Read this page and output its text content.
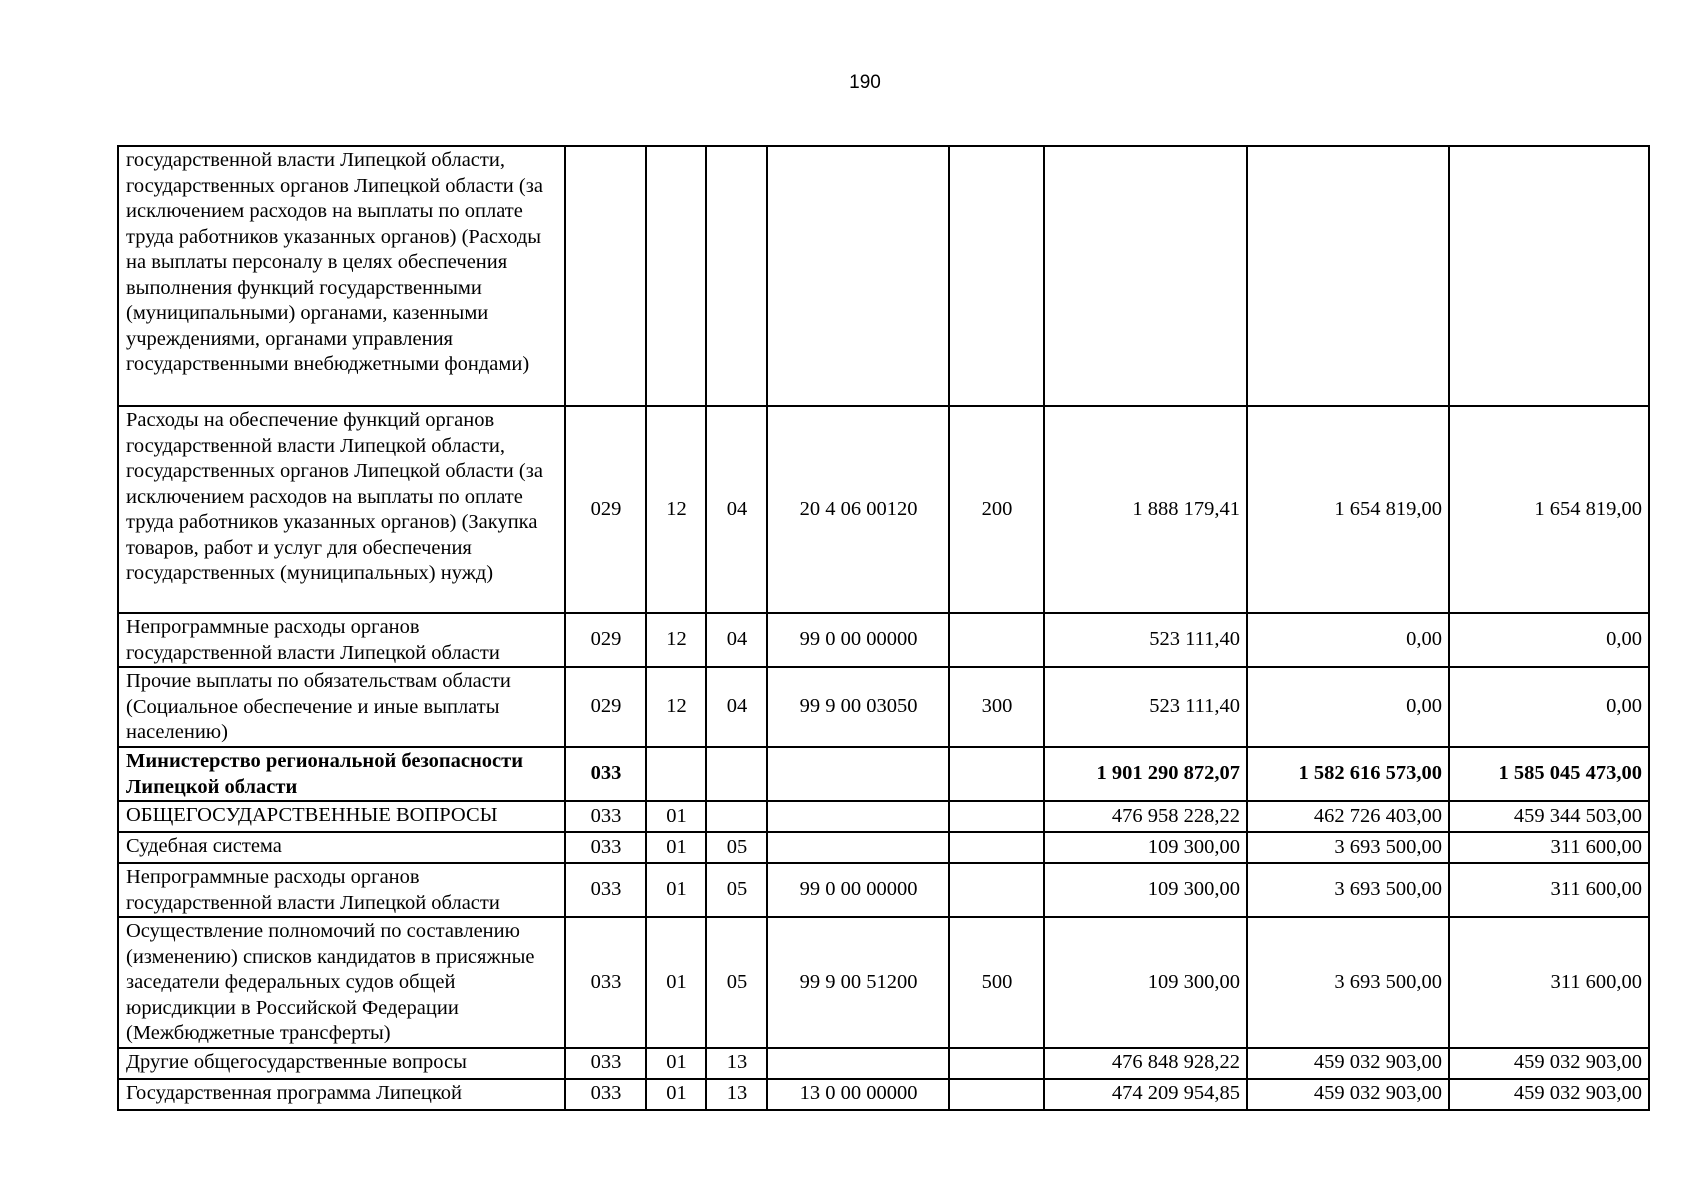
190
государственной власти Липецкой области, государственных органов Липецкой области (за исключением расходов на выплаты по оплате труда работников указанных органов) (Расходы на выплаты персоналу в целях обеспечения выполнения функций государственными (муниципальными) органами, казенными учреждениями, органами управления государственными внебюджетными фондами)								
Расходы на обеспечение функций органов государственной власти Липецкой области, государственных органов Липецкой области (за исключением расходов на выплаты по оплате труда работников указанных органов) (Закупка товаров, работ и услуг для обеспечения государственных (муниципальных) нужд)	029	12	04	20 4 06 00120	200	1 888 179,41	1 654 819,00	1 654 819,00
Непрограммные расходы органов государственной власти Липецкой области	029	12	04	99 0 00 00000		523 111,40	0,00	0,00
Прочие выплаты по обязательствам области (Социальное обеспечение и иные выплаты населению)	029	12	04	99 9 00 03050	300	523 111,40	0,00	0,00
Министерство региональной безопасности Липецкой области	033					1 901 290 872,07	1 582 616 573,00	1 585 045 473,00
ОБЩЕГОСУДАРСТВЕННЫЕ ВОПРОСЫ	033	01				476 958 228,22	462 726 403,00	459 344 503,00
Судебная система	033	01	05			109 300,00	3 693 500,00	311 600,00
Непрограммные расходы органов государственной власти Липецкой области	033	01	05	99 0 00 00000		109 300,00	3 693 500,00	311 600,00
Осуществление полномочий по составлению (изменению) списков кандидатов в присяжные заседатели федеральных судов общей юрисдикции в Российской Федерации (Межбюджетные трансферты)	033	01	05	99 9 00 51200	500	109 300,00	3 693 500,00	311 600,00
Другие общегосударственные вопросы	033	01	13			476 848 928,22	459 032 903,00	459 032 903,00
Государственная программа Липецкой	033	01	13	13 0 00 00000		474 209 954,85	459 032 903,00	459 032 903,00
